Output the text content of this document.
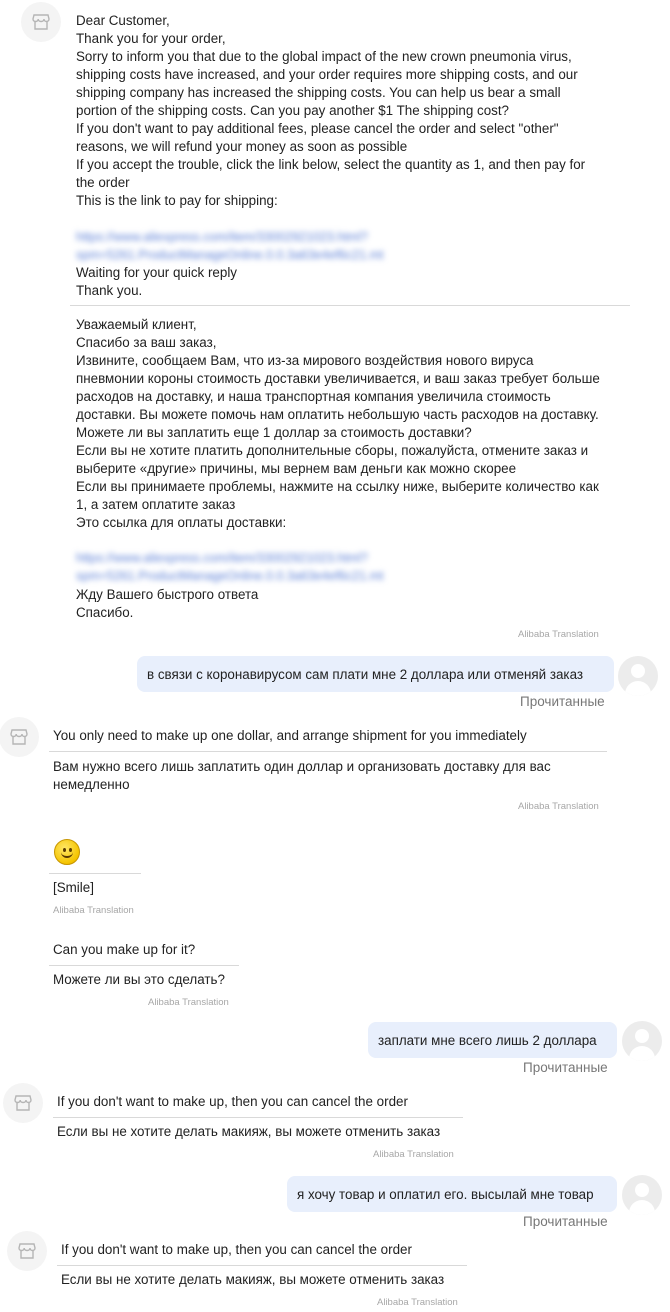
Dear Customer,
Thank you for your order,
Sorry to inform you that due to the global impact of the new crown pneumonia virus,
shipping costs have increased, and your order requires more shipping costs, and our
shipping company has increased the shipping costs. You can help us bear a small
portion of the shipping costs. Can you pay another $1 The shipping cost?
If you don't want to pay additional fees, please cancel the order and select "other"
reasons, we will refund your money as soon as possible
If you accept the trouble, click the link below, select the quantity as 1, and then pay for
the order
This is the link to pay for shipping:
https://www.aliexpress.com/item/33002921023.html?
spm=5261.ProductManageOnline.0.0.3a63e4ef6c21.mt
Waiting for your quick reply
Thank you.
Уважаемый клиент,
Спасибо за ваш заказ,
Извините, сообщаем Вам, что из-за мирового воздействия нового вируса
пневмонии короны стоимость доставки увеличивается, и ваш заказ требует больше
расходов на доставку, и наша транспортная компания увеличила стоимость
доставки. Вы можете помочь нам оплатить небольшую часть расходов на доставку.
Можете ли вы заплатить еще 1 доллар за стоимость доставки?
Если вы не хотите платить дополнительные сборы, пожалуйста, отмените заказ и
выберите «другие» причины, мы вернем вам деньги как можно скорее
Если вы принимаете проблемы, нажмите на ссылку ниже, выберите количество как
1, а затем оплатите заказ
Это ссылка для оплаты доставки:
https://www.aliexpress.com/item/33002921023.html?
spm=5261.ProductManageOnline.0.0.3a63e4ef6c21.mt
Жду Вашего быстрого ответа
Спасибо.
Alibaba Translation
в связи с коронавирусом сам плати мне 2 доллара или отменяй заказ
Прочитанные
You only need to make up one dollar, and arrange shipment for you immediately
Вам нужно всего лишь заплатить один доллар и организовать доставку для вас
немедленно
Alibaba Translation
[Smile]
Alibaba Translation
Can you make up for it?
Можете ли вы это сделать?
Alibaba Translation
заплати мне всего лишь 2 доллара
Прочитанные
If you don't want to make up, then you can cancel the order
Если вы не хотите делать макияж, вы можете отменить заказ
Alibaba Translation
я хочу товар и оплатил его. высылай мне товар
Прочитанные
If you don't want to make up, then you can cancel the order
Если вы не хотите делать макияж, вы можете отменить заказ
Alibaba Translation
